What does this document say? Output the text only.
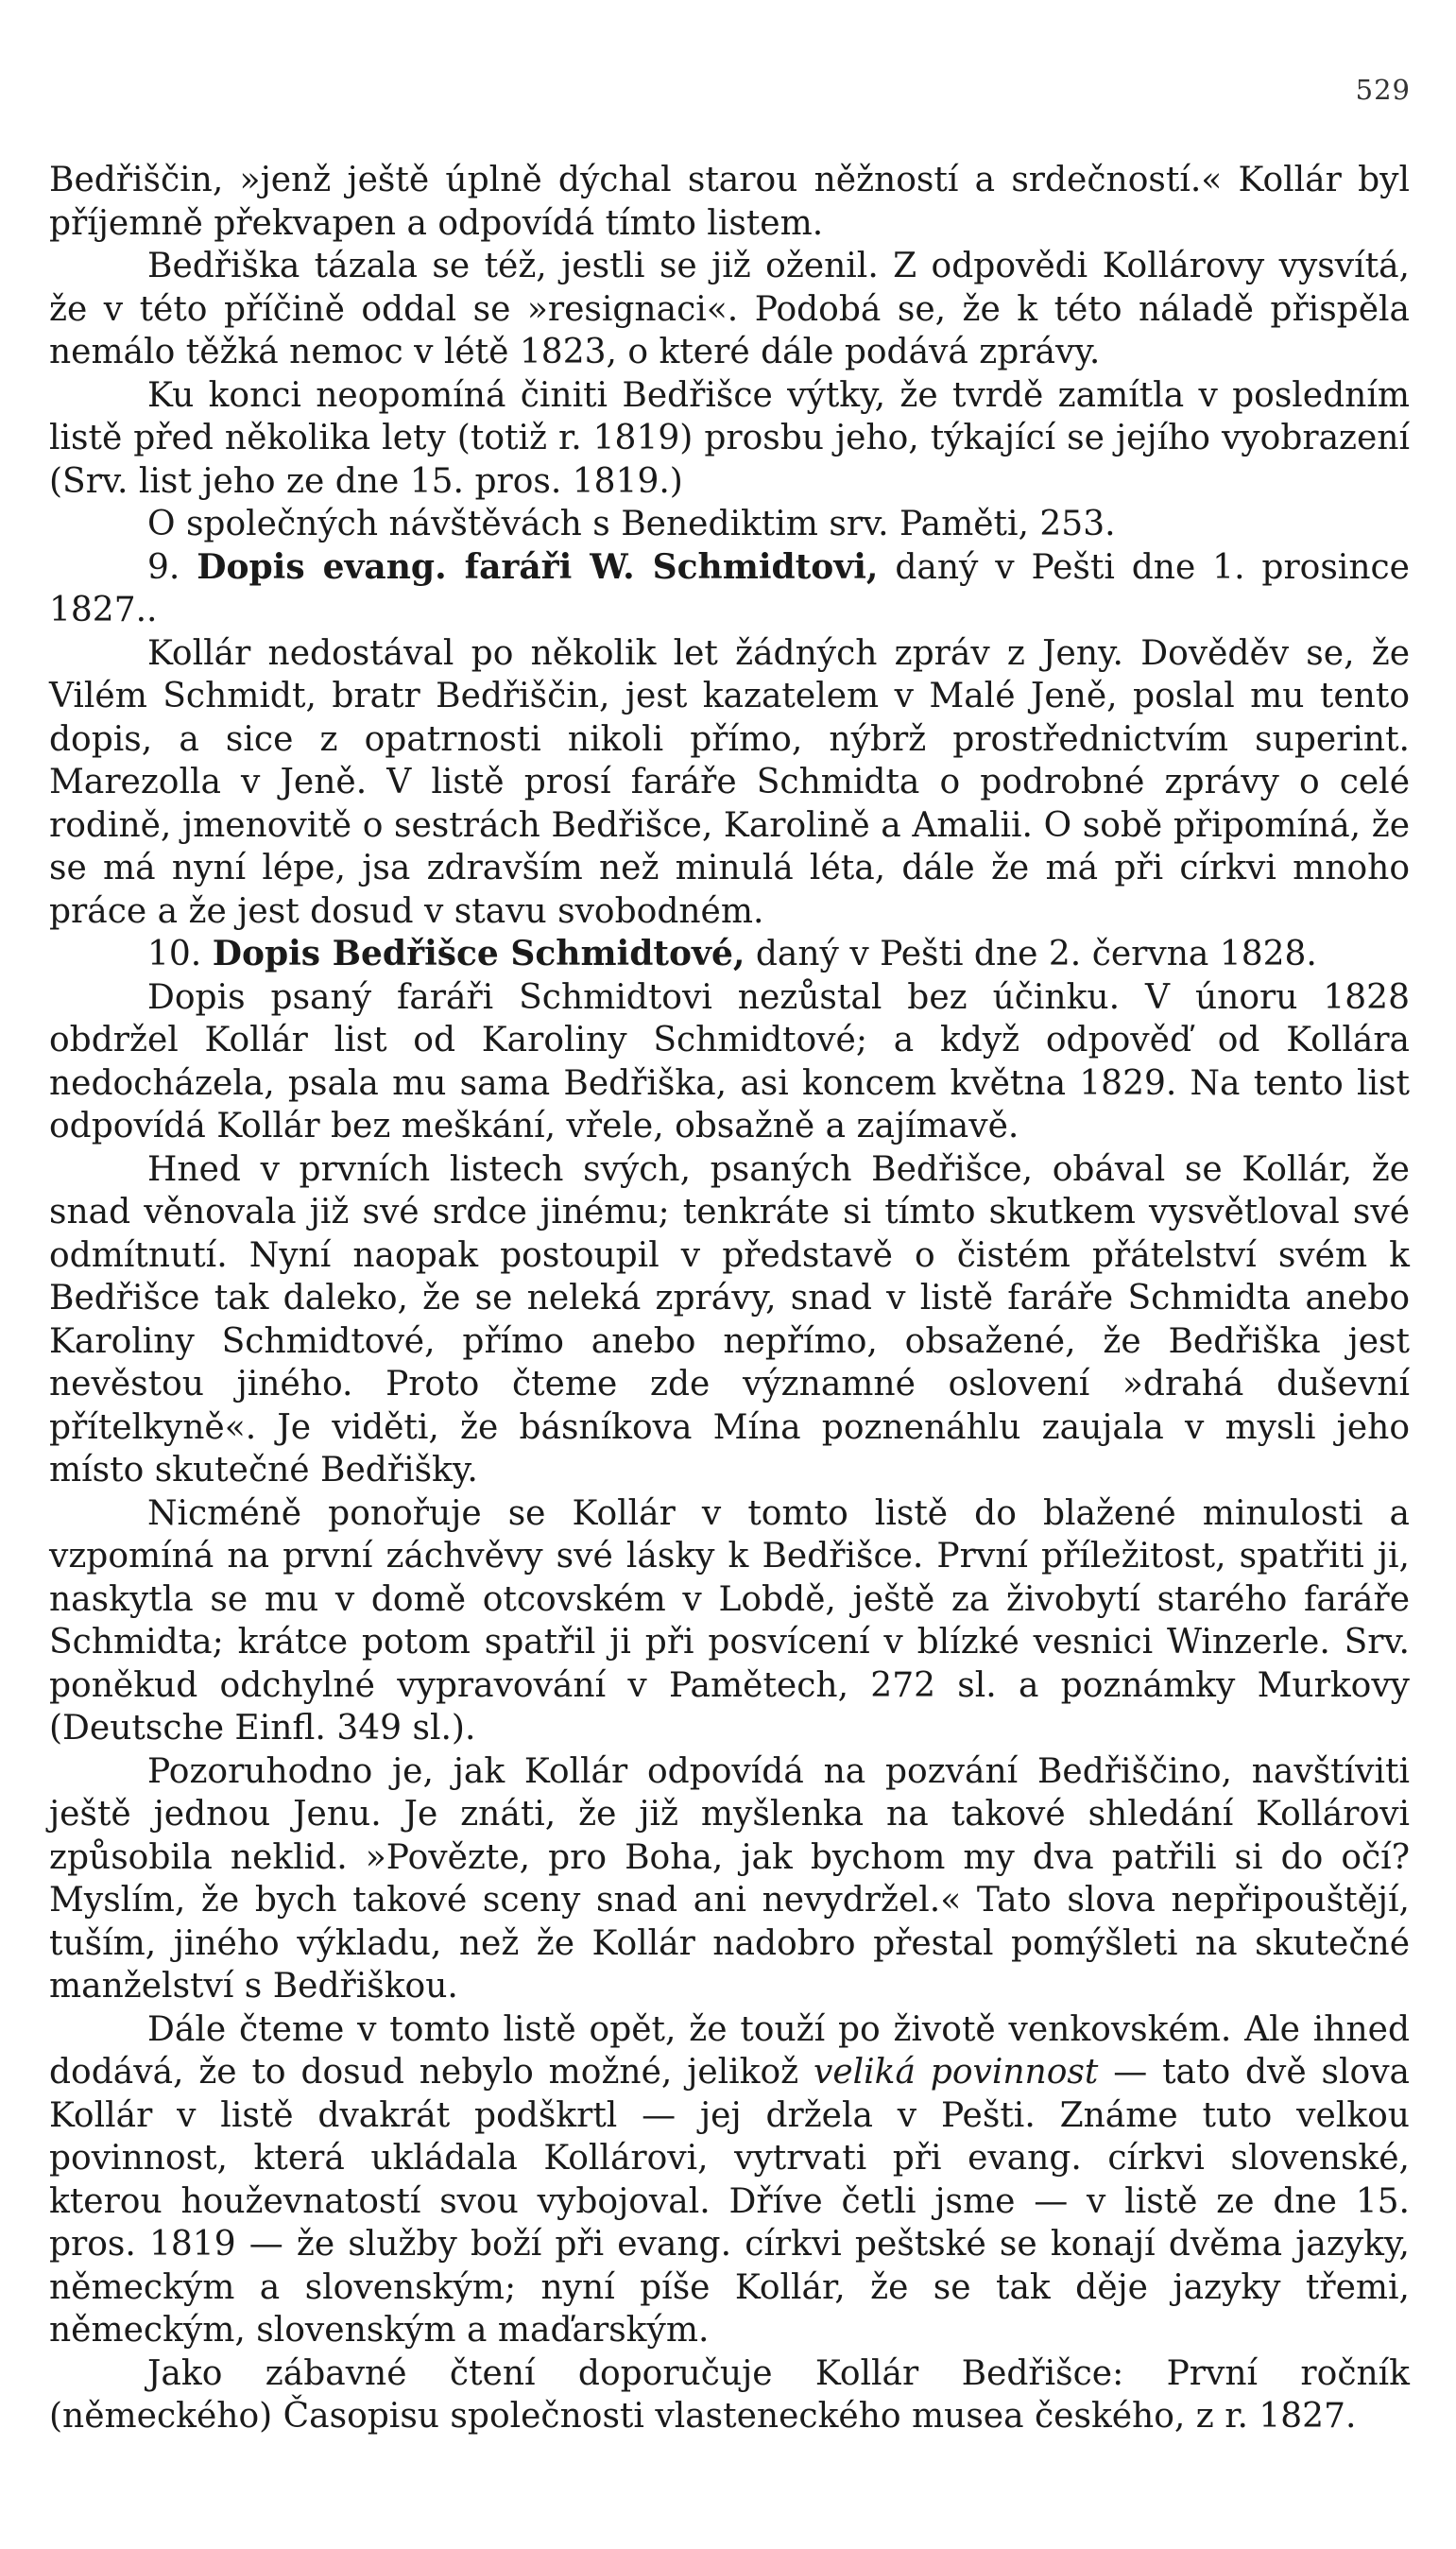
529

Bedřiščin, »jenž ještě úplně dýchal starou něžností a srdečností.« Kollár byl příjemně překvapen a odpovídá tímto listem.

Bedřiška tázala se též, jestli se již oženil. Z odpovědi Kollárovy vysvítá, že v této příčině oddal se »resignaci«. Podobá se, že k této náladě přispěla nemálo těžká nemoc v létě 1823, o které dále podává zprávy.

Ku konci neopomíná činiti Bedřišce výtky, že tvrdě zamítla v posledním listě před několika lety (totiž r. 1819) prosbu jeho, týkající se jejího vyobrazení (Srv. list jeho ze dne 15. pros. 1819.)

O společných návštěvách s Benediktim srv. Paměti, 253.

9. Dopis evang. faráři W. Schmidtovi, daný v Pešti dne 1. prosince 1827..

Kollár nedostával po několik let žádných zpráv z Jeny. Dověděv se, že Vilém Schmidt, bratr Bedřiščin, jest kazatelem v Malé Jeně, poslal mu tento dopis, a sice z opatrnosti nikoli přímo, nýbrž prostřednictvím superint. Marezolla v Jeně. V listě prosí faráře Schmidta o podrobné zprávy o celé rodině, jmenovitě o sestrách Bedřišce, Karolině a Amalii. O sobě připomíná, že se má nyní lépe, jsa zdravším než minulá léta, dále že má při církvi mnoho práce a že jest dosud v stavu svobodném.

10. Dopis Bedřišce Schmidtové, daný v Pešti dne 2. června 1828.

Dopis psaný faráři Schmidtovi nezůstal bez účinku. V únoru 1828 obdržel Kollár list od Karoliny Schmidtové; a když odpověď od Kollára nedocházela, psala mu sama Bedřiška, asi koncem května 1829. Na tento list odpovídá Kollár bez meškání, vřele, obsažně a zajímavě.

Hned v prvních listech svých, psaných Bedřišce, obával se Kollár, že snad věnovala již své srdce jinému; tenkráte si tímto skutkem vysvětloval své odmítnutí. Nyní naopak postoupil v představě o čistém přátelství svém k Bedřišce tak daleko, že se neleká zprávy, snad v listě faráře Schmidta anebo Karoliny Schmidtové, přímo anebo nepřímo, obsažené, že Bedřiška jest nevěstou jiného. Proto čteme zde významné oslovení »drahá duševní přítelkyně«. Je viděti, že básníkova Mína poznenáhlu zaujala v mysli jeho místo skutečné Bedřišky.

Nicméně ponořuje se Kollár v tomto listě do blažené minulosti a vzpomíná na první záchvěvy své lásky k Bedřišce. První příležitost, spatřiti ji, naskytla se mu v domě otcovském v Lobdě, ještě za živobytí starého faráře Schmidta; krátce potom spatřil ji při posvícení v blízké vesnici Winzerle. Srv. poněkud odchylné vypravování v Pamětech, 272 sl. a poznámky Murkovy (Deutsche Einfl. 349 sl.).

Pozoruhodno je, jak Kollár odpovídá na pozvání Bedřiščino, navštíviti ještě jednou Jenu. Je znáti, že již myšlenka na takové shledání Kollárovi způsobila neklid. »Povězte, pro Boha, jak bychom my dva patřili si do očí? Myslím, že bych takové sceny snad ani nevydržel.« Tato slova nepřipouštějí, tuším, jiného výkladu, než že Kollár nadobro přestal pomýšleti na skutečné manželství s Bedřiškou.

Dále čteme v tomto listě opět, že touží po životě venkovském. Ale ihned dodává, že to dosud nebylo možné, jelikož veliká povinnost — tato dvě slova Kollár v listě dvakrát podškrtl — jej držela v Pešti. Známe tuto velkou povinnost, která ukládala Kollárovi, vytrvati při evang. církvi slovenské, kterou houževnatostí svou vybojoval. Dříve četli jsme — v listě ze dne 15. pros. 1819 — že služby boží při evang. církvi peštské se konají dvěma jazyky, německým a slovenským; nyní píše Kollár, že se tak děje jazyky třemi, německým, slovenským a maďarským.

Jako zábavné čtení doporučuje Kollár Bedřišce: První ročník (německého) Časopisu společnosti vlasteneckého musea českého, z r. 1827.
